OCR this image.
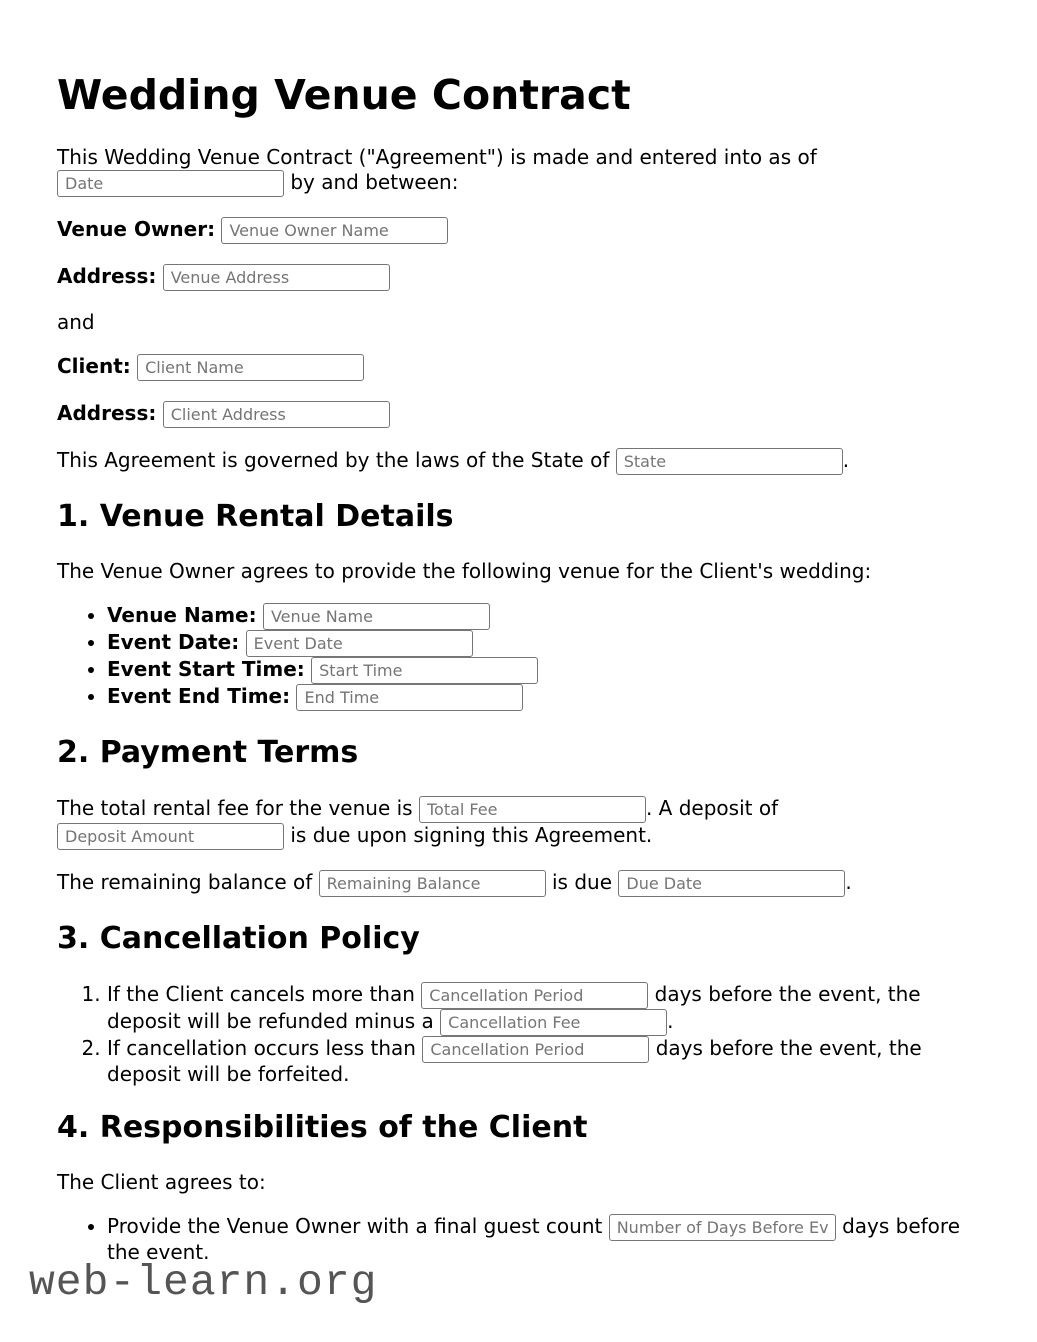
Wedding Venue Contract

This Wedding Venue Contract ("Agreement") is made and entered into as of Date by and between:

Venue Owner: Venue Owner Name

Address: Venue Address

and

Client: Client Name

Address: Client Address

This Agreement is governed by the laws of the State of State	.

1. Venue Rental Details

The Venue Owner agrees to provide the following venue for the Client's wedding:

• Venue Name: Venue Name
• Event Date: Event Date
• Event Start Time: Start Time
• Event End Time: End Time
2. Payment Terms

The total rental fee for the venue is Total Fee	. A deposit of Deposit Amount is due upon signing this Agreement.

The remaining balance of Remaining Balance	is due Due Date	.

3. Cancellation Policy
1. If the Client cancels more than Cancellation Period	days before the event, the deposit will be refunded minus a Cancellation Fee	.
2. If cancellation occurs less than Cancellation Period	days before the event, the deposit will be forfeited.
4. Responsibilities of the Client

The Client agrees to:

• Provide the Venue Owner with a final guest count Number of Days Before Event	days before the event.
web-learn.org
